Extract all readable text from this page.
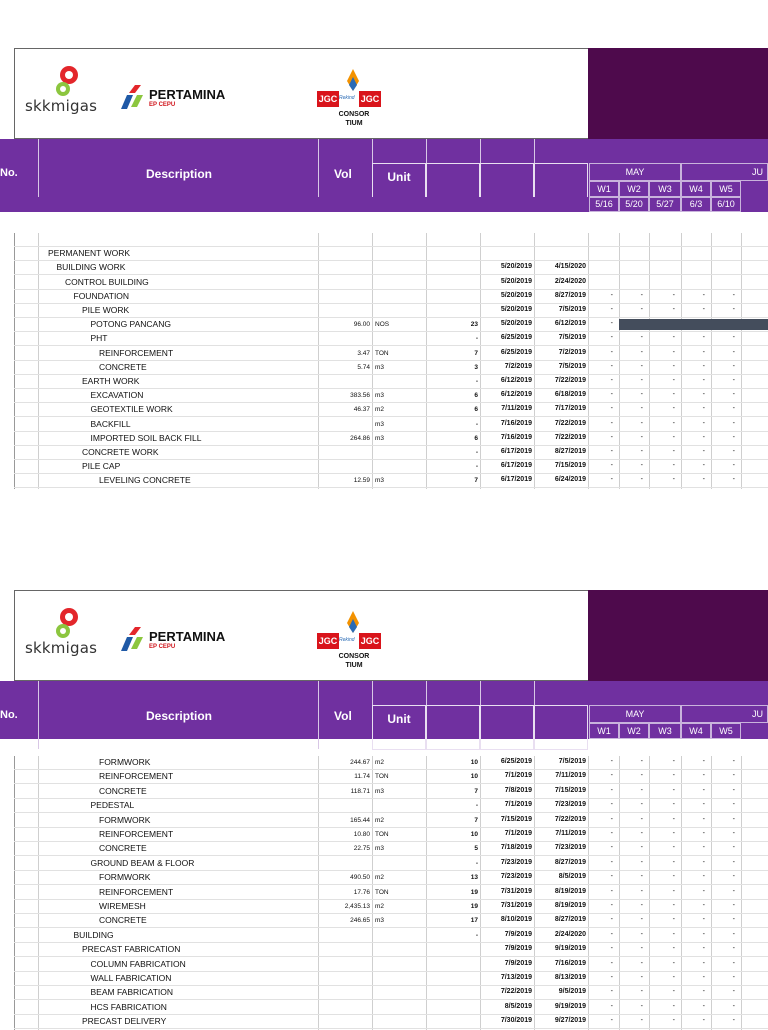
skkmigas
PERTAMINA
EP CEPU
JGC Rekind JGC
CONSOR TIUM
No.	Description	Vol	Unit	MAY	JU
W1	W2	W3	W4	W5
5/16	5/20	5/27	6/3	6/10
PERMANENT WORK
BUILDING WORK	5/20/2019	4/15/2020
CONTROL BUILDING	5/20/2019	2/24/2020
FOUNDATION	5/20/2019	8/27/2019	-	-	-	-	-
PILE WORK	5/20/2019	7/5/2019	-	-	-	-	-
POTONG PANCANG	96.00 NOS	23	5/20/2019	6/12/2019	-
PHT	-	6/25/2019	7/5/2019	-	-	-	-	-
REINFORCEMENT	3.47 TON	7	6/25/2019	7/2/2019	-	-	-	-	-
CONCRETE	5.74 m3	3	7/2/2019	7/5/2019	-	-	-	-	-
EARTH WORK	-	6/12/2019	7/22/2019	-	-	-	-	-
EXCAVATION	383.56 m3	6	6/12/2019	6/18/2019	-	-	-	-	-
GEOTEXTILE WORK	46.37 m2	6	7/11/2019	7/17/2019	-	-	-	-	-
BACKFILL	m3	-	7/16/2019	7/22/2019	-	-	-	-	-
IMPORTED SOIL BACK FILL	264.86 m3	6	7/16/2019	7/22/2019	-	-	-	-	-
CONCRETE WORK	-	6/17/2019	8/27/2019	-	-	-	-	-
PILE CAP	-	6/17/2019	7/15/2019	-	-	-	-	-
LEVELING CONCRETE	12.59 m3	7	6/17/2019	6/24/2019	-	-	-	-	-
skkmigas
PERTAMINA
EP CEPU
JGC Rekind JGC
CONSOR TIUM
No.	Description	Vol	Unit	MAY	JU
W1	W2	W3	W4	W5
FORMWORK	244.67 m2	10	6/25/2019	7/5/2019	-	-	-	-	-
REINFORCEMENT	11.74 TON	10	7/1/2019	7/11/2019	-	-	-	-	-
CONCRETE	118.71 m3	7	7/8/2019	7/15/2019	-	-	-	-	-
PEDESTAL	-	7/1/2019	7/23/2019	-	-	-	-	-
FORMWORK	165.44 m2	7	7/15/2019	7/22/2019	-	-	-	-	-
REINFORCEMENT	10.80 TON	10	7/1/2019	7/11/2019	-	-	-	-	-
CONCRETE	22.75 m3	5	7/18/2019	7/23/2019	-	-	-	-	-
GROUND BEAM & FLOOR	-	7/23/2019	8/27/2019	-	-	-	-	-
FORMWORK	490.50 m2	13	7/23/2019	8/5/2019	-	-	-	-	-
REINFORCEMENT	17.76 TON	19	7/31/2019	8/19/2019	-	-	-	-	-
WIREMESH	2,435.13 m2	19	7/31/2019	8/19/2019	-	-	-	-	-
CONCRETE	246.65 m3	17	8/10/2019	8/27/2019	-	-	-	-	-
BUILDING	-	7/9/2019	2/24/2020	-	-	-	-	-
PRECAST FABRICATION	7/9/2019	9/19/2019	-	-	-	-	-
COLUMN FABRICATION	7/9/2019	7/16/2019	-	-	-	-	-
WALL FABRICATION	7/13/2019	8/13/2019	-	-	-	-	-
BEAM FABRICATION	7/22/2019	9/5/2019	-	-	-	-	-
HCS FABRICATION	8/5/2019	9/19/2019	-	-	-	-	-
PRECAST DELIVERY	7/30/2019	9/27/2019	-	-	-	-	-
